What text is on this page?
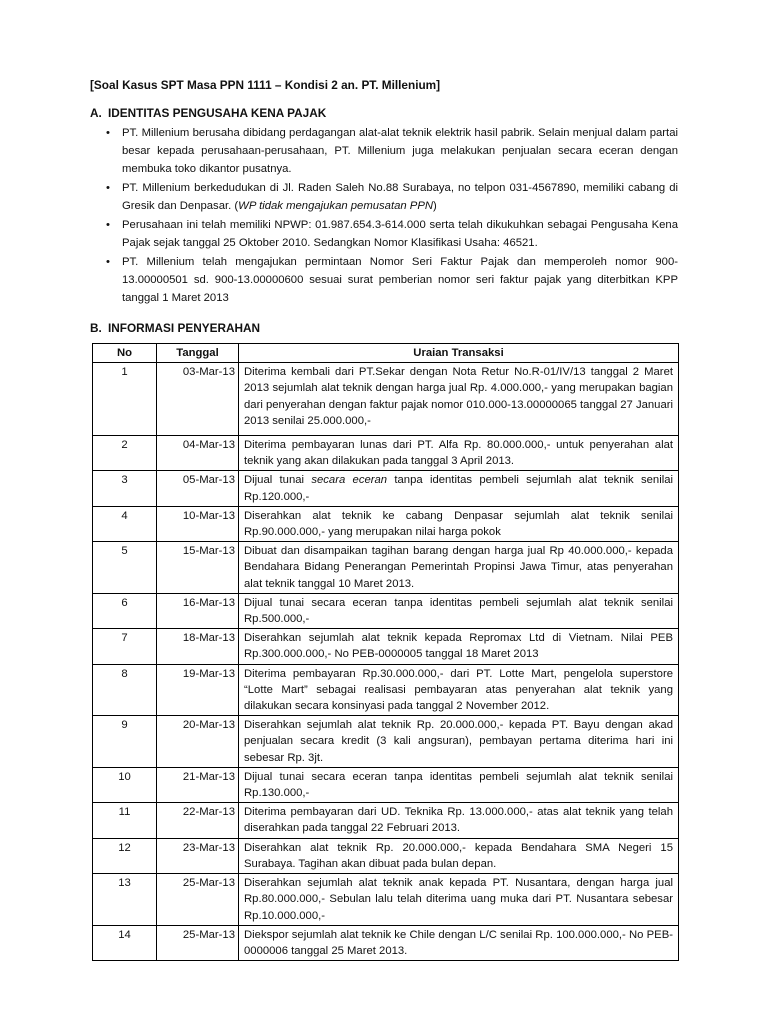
[Soal Kasus SPT Masa PPN 1111 – Kondisi 2 an. PT. Millenium]
A. IDENTITAS PENGUSAHA KENA PAJAK
• PT. Millenium berusaha dibidang perdagangan alat-alat teknik elektrik hasil pabrik. Selain menjual dalam partai besar kepada perusahaan-perusahaan, PT. Millenium juga melakukan penjualan secara eceran dengan membuka toko dikantor pusatnya.
• PT. Millenium berkedudukan di Jl. Raden Saleh No.88 Surabaya, no telpon 031-4567890, memiliki cabang di Gresik dan Denpasar. (WP tidak mengajukan pemusatan PPN)
• Perusahaan ini telah memiliki NPWP: 01.987.654.3-614.000 serta telah dikukuhkan sebagai Pengusaha Kena Pajak sejak tanggal 25 Oktober 2010. Sedangkan Nomor Klasifikasi Usaha: 46521.
• PT. Millenium telah mengajukan permintaan Nomor Seri Faktur Pajak dan memperoleh nomor 900-13.00000501 sd. 900-13.00000600 sesuai surat pemberian nomor seri faktur pajak yang diterbitkan KPP tanggal 1 Maret 2013
B. INFORMASI PENYERAHAN
No	Tanggal	Uraian Transaksi
1	03-Mar-13	Diterima kembali dari PT.Sekar dengan Nota Retur No.R-01/IV/13 tanggal 2 Maret 2013 sejumlah alat teknik dengan harga jual Rp. 4.000.000,- yang merupakan bagian dari penyerahan dengan faktur pajak nomor 010.000-13.00000065 tanggal 27 Januari 2013 senilai 25.000.000,-
2	04-Mar-13	Diterima pembayaran lunas dari PT. Alfa Rp. 80.000.000,- untuk penyerahan alat teknik yang akan dilakukan pada tanggal 3 April 2013.
3	05-Mar-13	Dijual tunai secara eceran tanpa identitas pembeli sejumlah alat teknik senilai Rp.120.000,-
4	10-Mar-13	Diserahkan alat teknik ke cabang Denpasar sejumlah alat teknik senilai Rp.90.000.000,- yang merupakan nilai harga pokok
5	15-Mar-13	Dibuat dan disampaikan tagihan barang dengan harga jual Rp 40.000.000,- kepada Bendahara Bidang Penerangan Pemerintah Propinsi Jawa Timur, atas penyerahan alat teknik tanggal 10 Maret 2013.
6	16-Mar-13	Dijual tunai secara eceran tanpa identitas pembeli sejumlah alat teknik senilai Rp.500.000,-
7	18-Mar-13	Diserahkan sejumlah alat teknik kepada Repromax Ltd di Vietnam. Nilai PEB Rp.300.000.000,- No PEB-0000005 tanggal 18 Maret 2013
8	19-Mar-13	Diterima pembayaran Rp.30.000.000,- dari PT. Lotte Mart, pengelola superstore “Lotte Mart” sebagai realisasi pembayaran atas penyerahan alat teknik yang dilakukan secara konsinyasi pada tanggal 2 November 2012.
9	20-Mar-13	Diserahkan sejumlah alat teknik Rp. 20.000.000,- kepada PT. Bayu dengan akad penjualan secara kredit (3 kali angsuran), pembayan pertama diterima hari ini sebesar Rp. 3jt.
10	21-Mar-13	Dijual tunai secara eceran tanpa identitas pembeli sejumlah alat teknik senilai Rp.130.000,-
11	22-Mar-13	Diterima pembayaran dari UD. Teknika Rp. 13.000.000,- atas alat teknik yang telah diserahkan pada tanggal 22 Februari 2013.
12	23-Mar-13	Diserahkan alat teknik Rp. 20.000.000,- kepada Bendahara SMA Negeri 15 Surabaya. Tagihan akan dibuat pada bulan depan.
13	25-Mar-13	Diserahkan sejumlah alat teknik anak kepada PT. Nusantara, dengan harga jual Rp.80.000.000,- Sebulan lalu telah diterima uang muka dari PT. Nusantara sebesar Rp.10.000.000,-
14	25-Mar-13	Diekspor sejumlah alat teknik ke Chile dengan L/C senilai Rp. 100.000.000,- No PEB-0000006 tanggal 25 Maret 2013.
